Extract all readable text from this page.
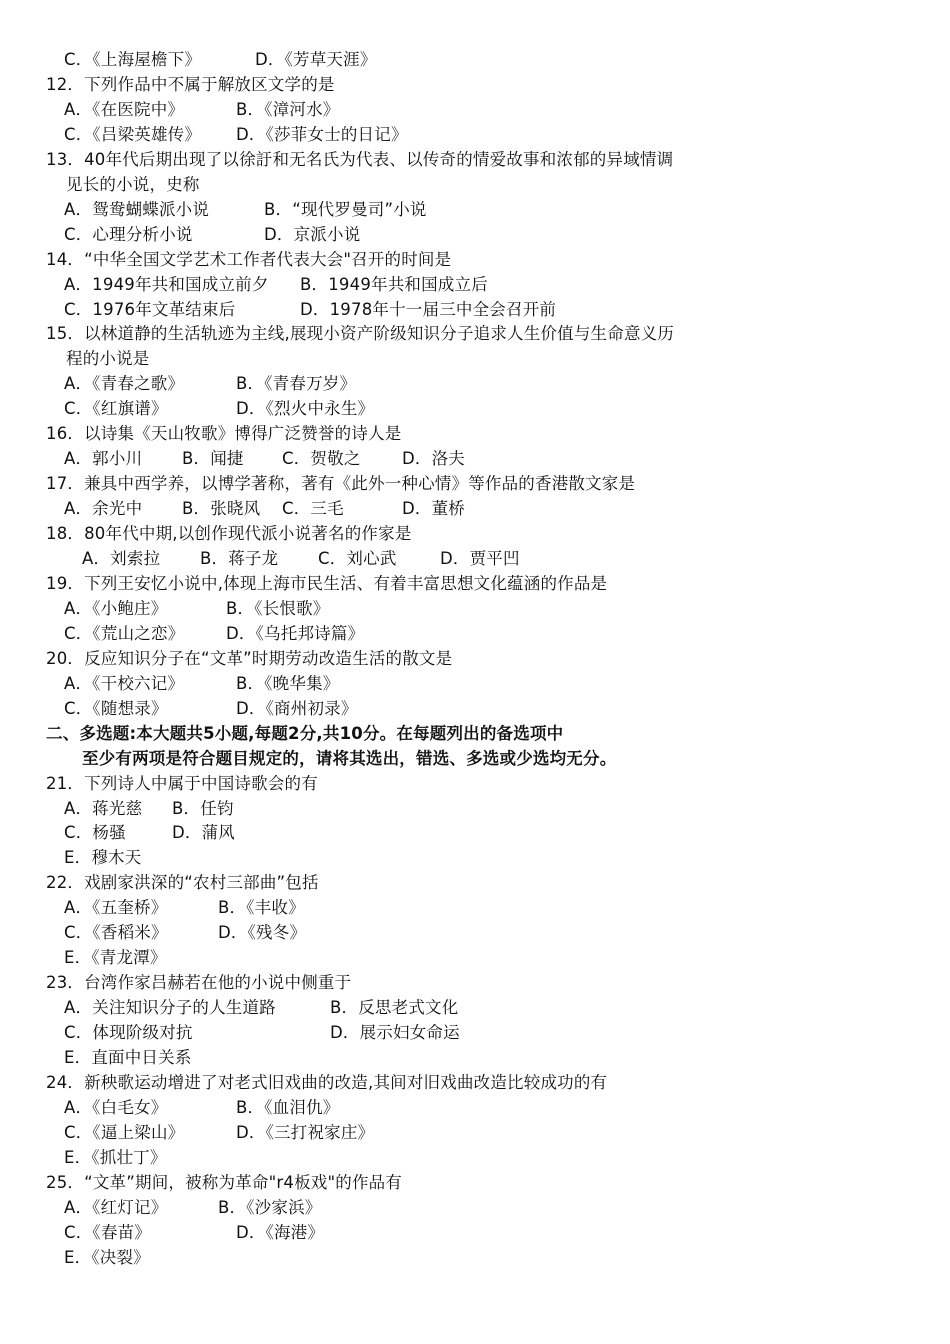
C．《上海屋檐下》	D．《芳草天涯》
12．下列作品中不属于解放区文学的是
A．《在医院中》	B．《漳河水》
C．《吕梁英雄传》 D．《莎菲女士的日记》
13．40年代后期出现了以徐訏和无名氏为代表、以传奇的情爱故事和浓郁的异域情调
见长的小说，史称
A．鸳鸯蝴蝶派小说	B．“现代罗曼司”小说
C．心理分析小说	D．京派小说
14．“中华全国文学艺术工作者代表大会"召开的时间是
A．1949年共和国成立前夕 B．1949年共和国成立后
C．1976年文革结束后	D．1978年十一届三中全会召开前
15．以林道静的生活轨迹为主线,展现小资产阶级知识分子追求人生价值与生命意义历
程的小说是
A．《青春之歌》	B．《青春万岁》
C．《红旗谱》	D．《烈火中永生》
16．以诗集《天山牧歌》博得广泛赞誉的诗人是
A．郭小川 B．闻捷 C．贺敬之	D．洛夫
17．兼具中西学养，以博学著称，著有《此外一种心情》等作品的香港散文家是
A．余光中 B．张晓风 C．三毛	D．董桥
18．80年代中期,以创作现代派小说著名的作家是
A．刘索拉 B．蒋子龙 C．刘心武	D．贾平凹
19．下列王安忆小说中,体现上海市民生活、有着丰富思想文化蕴涵的作品是
A．《小鲍庄》	B．《长恨歌》
C．《荒山之恋》	D．《乌托邦诗篇》
20．反应知识分子在“文革”时期劳动改造生活的散文是
A．《干校六记》	B．《晚华集》
C．《随想录》	D．《商州初录》
二、多选题:本大题共5小题,每题2分,共10分。在每题列出的备选项中
至少有两项是符合题目规定的，请将其选出，错选、多选或少选均无分。
21．下列诗人中属于中国诗歌会的有
A．蒋光慈 B．任钧
C．杨骚	D．蒲风
E．穆木天
22．戏剧家洪深的“农村三部曲”包括
A．《五奎桥》	B．《丰收》
C．《香稻米》	D．《残冬》
E．《青龙潭》
23．台湾作家吕赫若在他的小说中侧重于
A．关注知识分子的人生道路	B．反思老式文化
C．体现阶级对抗	D．展示妇女命运
E．直面中日关系
24．新秧歌运动增进了对老式旧戏曲的改造,其间对旧戏曲改造比较成功的有
A．《白毛女》	B．《血泪仇》
C．《逼上梁山》	D．《三打祝家庄》
E．《抓壮丁》
25．“文革”期间，被称为革命"r4板戏"的作品有
A．《红灯记》	B．《沙家浜》
C．《春苗》	D．《海港》
E．《决裂》
